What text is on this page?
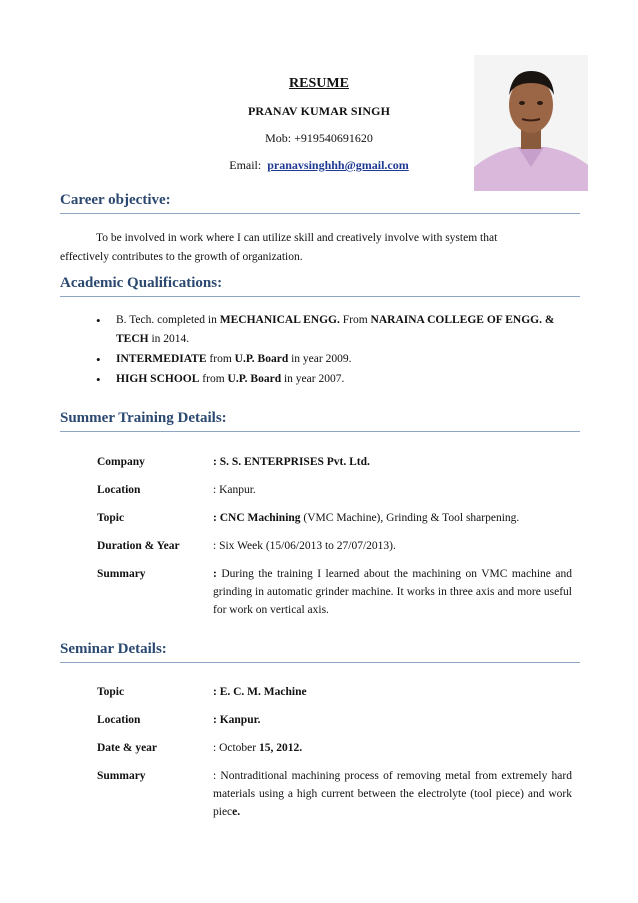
RESUME
PRANAV KUMAR SINGH
Mob: +919540691620
Email: pranavsinghhh@gmail.com
Career objective:
To be involved in work where I can utilize skill and creatively involve with system that effectively contributes to the growth of organization.
Academic Qualifications:
• B. Tech. completed in MECHANICAL ENGG. From NARAINA COLLEGE OF ENGG. & TECH in 2014.
• INTERMEDIATE from U.P. Board in year 2009.
• HIGH SCHOOL from U.P. Board in year 2007.
Summer Training Details:
Company	: S. S. ENTERPRISES Pvt. Ltd.
Location	: Kanpur.
Topic	: CNC Machining (VMC Machine), Grinding & Tool sharpening.
Duration & Year	: Six Week (15/06/2013 to 27/07/2013).
Summary	: During the training I learned about the machining on VMC machine and grinding in automatic grinder machine. It works in three axis and more useful for work on vertical axis.
Seminar Details:
Topic	: E. C. M. Machine
Location	: Kanpur.
Date & year	: October 15, 2012.
Summary	: Nontraditional machining process of removing metal from extremely hard materials using a high current between the electrolyte (tool piece) and work piece.
